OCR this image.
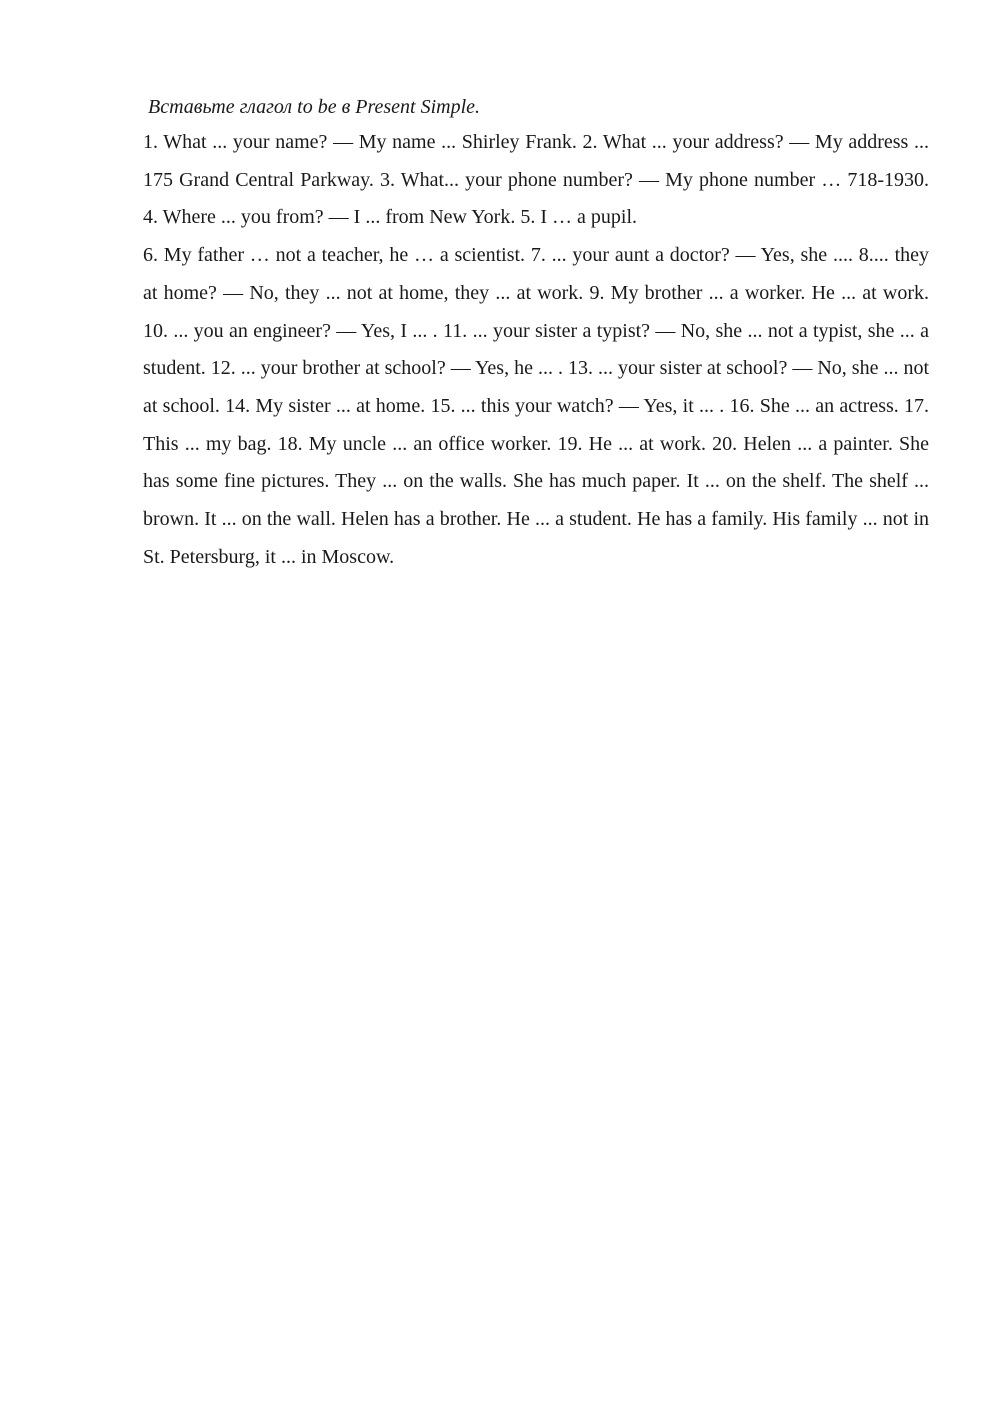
Вставьте глагол to be в Present Simple.

1. What ... your name? — My name ... Shirley Frank. 2. What ... your address? — My address ... 175 Grand Central Parkway. 3. What... your phone number? — My phone number … 718-1930. 4. Where ... you from? — I ... from New York. 5. I … a pupil.

6. My father … not a teacher, he … a scientist. 7. ... your aunt a doctor? — Yes, she .... 8.... they at home? — No, they ... not at home, they ... at work. 9. My brother ... a worker. He ... at work. 10. ... you an engineer? — Yes, I ... . 11. ... your sister a typist? — No, she ... not a typist, she ... a student. 12. ... your brother at school? — Yes, he ... . 13. ... your sister at school? — No, she ... not at school. 14. My sister ... at home. 15. ... this your watch? — Yes, it ... . 16. She ... an actress. 17. This ... my bag. 18. My uncle ... an office worker. 19. He ... at work. 20. Helen ... a painter. She has some fine pictures. They ... on the walls. She has much paper. It ... on the shelf. The shelf ... brown. It ... on the wall. Helen has a brother. He ... a student. He has a family. His family ... not in St. Petersburg, it ... in Moscow.
